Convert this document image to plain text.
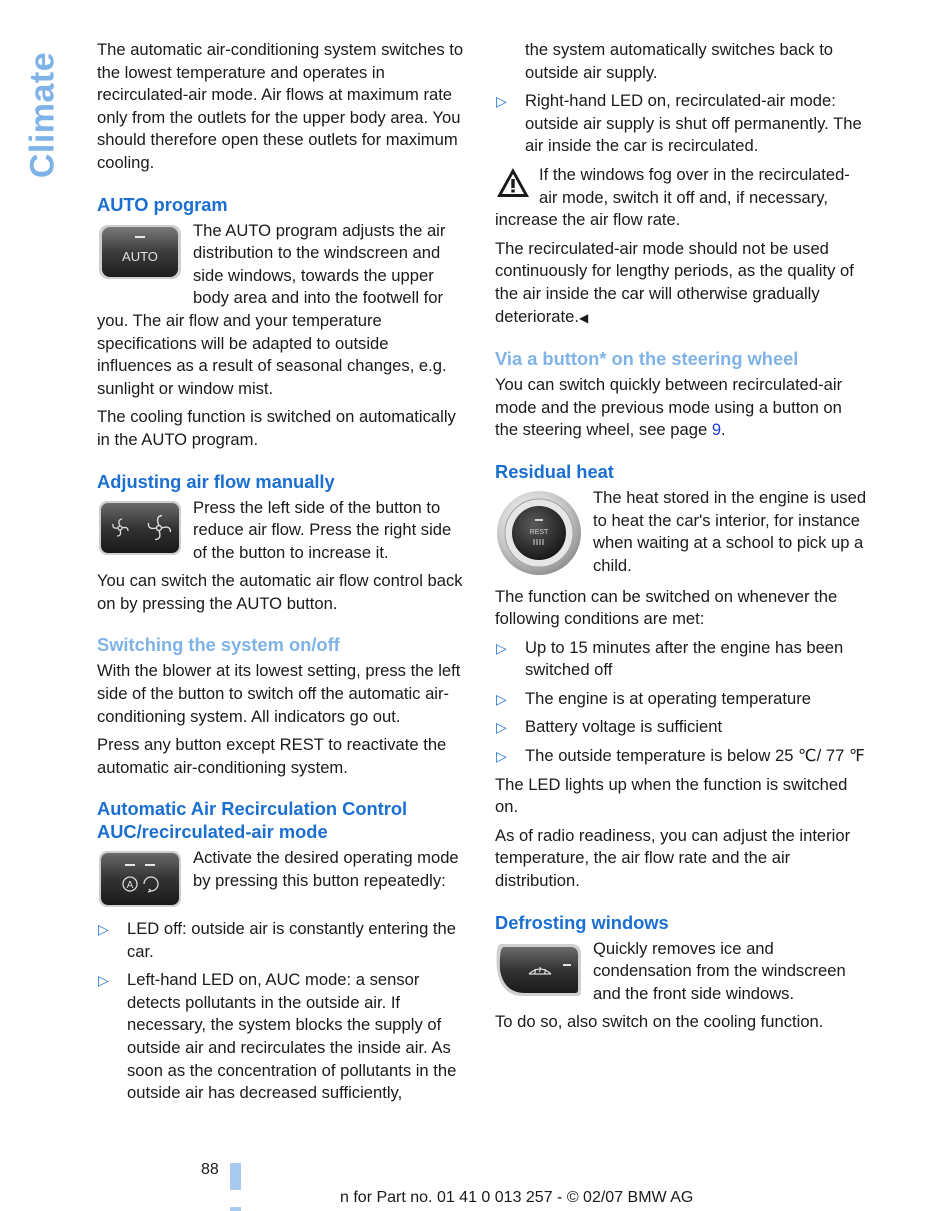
Climate

The automatic air-conditioning system switches to the lowest temperature and operates in recirculated-air mode. Air flows at maximum rate only from the outlets for the upper body area. You should therefore open these outlets for maximum cooling.

AUTO program
AUTO

The AUTO program adjusts the air distribution to the windscreen and side windows, towards the upper body area and into the footwell for you. The air flow and your temperature specifications will be adapted to outside influences as a result of seasonal changes, e.g. sunlight or window mist.

The cooling function is switched on automatically in the AUTO program.

Adjusting air flow manually

Press the left side of the button to reduce air flow. Press the right side of the button to increase it.

You can switch the automatic air flow control back on by pressing the AUTO button.

Switching the system on/off

With the blower at its lowest setting, press the left side of the button to switch off the automatic air-conditioning system. All indicators go out.

Press any button except REST to reactivate the automatic air-conditioning system.

Automatic Air Recirculation Control AUC/recirculated-air mode
A

Activate the desired operating mode by pressing this button repeatedly:

▷ LED off: outside air is constantly entering the car.
▷ Left-hand LED on, AUC mode: a sensor detects pollutants in the outside air. If necessary, the system blocks the supply of outside air and recirculates the inside air. As soon as the concentration of pollutants in the outside air has decreased sufficiently,

the system automatically switches back to outside air supply.

▷ Right-hand LED on, recirculated-air mode: outside air supply is shut off permanently. The air inside the car is recirculated.

If the windows fog over in the recirculated-air mode, switch it off and, if necessary, increase the air flow rate.

The recirculated-air mode should not be used continuously for lengthy periods, as the quality of the air inside the car will otherwise gradually deteriorate.◀

Via a button* on the steering wheel

You can switch quickly between recirculated-air mode and the previous mode using a button on the steering wheel, see page 9.

Residual heat
REST

The heat stored in the engine is used to heat the car's interior, for instance when waiting at a school to pick up a child.

The function can be switched on whenever the following conditions are met:

▷ Up to 15 minutes after the engine has been switched off
▷ The engine is at operating temperature
▷ Battery voltage is sufficient
▷ The outside temperature is below 25 ℃/ 77 ℉

The LED lights up when the function is switched on.

As of radio readiness, you can adjust the interior temperature, the air flow rate and the air distribution.

Defrosting windows

Quickly removes ice and condensation from the windscreen and the front side windows.

To do so, also switch on the cooling function.

88
n for Part no. 01 41 0 013 257 - © 02/07 BMW AG
